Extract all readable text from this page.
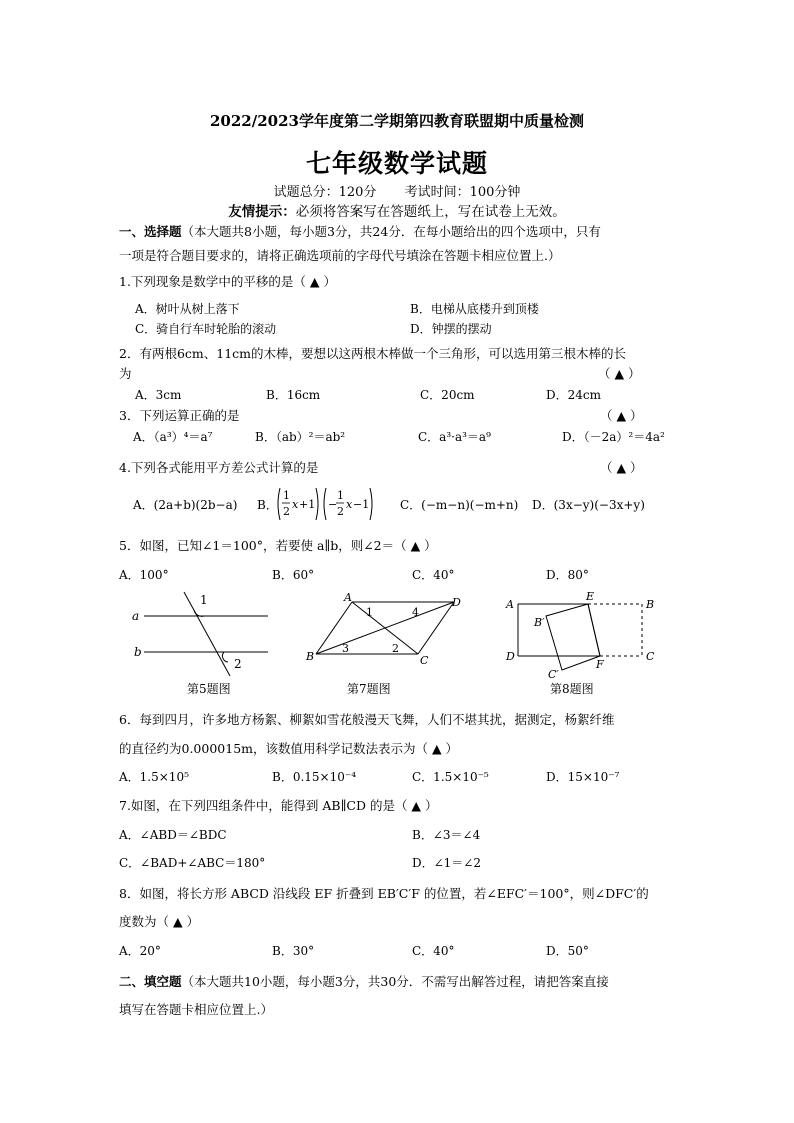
2022/2023学年度第二学期第四教育联盟期中质量检测
七年级数学试题
试题总分：120分 考试时间：100分钟
友情提示：必须将答案写在答题纸上，写在试卷上无效。
一、选择题（本大题共8小题，每小题3分，共24分．在每小题给出的四个选项中，只有
一项是符合题目要求的，请将正确选项前的字母代号填涂在答题卡相应位置上.）
1.下列现象是数学中的平移的是（ ▲ ）
A．树叶从树上落下	B．电梯从底楼升到顶楼
C．骑自行车时轮胎的滚动	D．钟摆的摆动
2．有两根6cm、11cm的木棒，要想以这两根木棒做一个三角形，可以选用第三根木棒的长
为	（ ▲ ）
A．3cm	B．16cm	C．20cm	D．24cm
3．下列运算正确的是	（ ▲ ）
A．（a³）⁴＝a⁷	B．（ab）²＝ab²	C．a³·a³＝a⁹	D．（－2a）²＝4a²
4.下列各式能用平方差公式计算的是	（ ▲ ）
A．(2a+b)(2b−a) B．
1
2
x +1 −
1
2
x −1	C．(−m−n)(−m+n) D．(3x−y)(−3x+y)
5．如图，已知∠1＝100°，若要使 a∥b，则∠2＝（ ▲ ）
A．100°	B．60°	C．40°	D．80°
a
b
1
2
第5题图
A	D
B	C
1	4
3	2
第7题图
A
E
B
D
B′
F
C
C′
第8题图
6．每到四月，许多地方杨絮、柳絮如雪花般漫天飞舞，人们不堪其扰，据测定，杨絮纤维
的直径约为0.000015m，该数值用科学记数法表示为（ ▲ ）
A．1.5×10⁵	B．0.15×10⁻⁴	C．1.5×10⁻⁵	D．15×10⁻⁷
7.如图，在下列四组条件中，能得到 AB∥CD 的是（ ▲ ）
A．∠ABD＝∠BDC	B．∠3＝∠4
C．∠BAD+∠ABC＝180°	D．∠1＝∠2
8．如图，将长方形 ABCD 沿线段 EF 折叠到 EB′C′F 的位置，若∠EFC′＝100°，则∠DFC′的
度数为（ ▲ ）
A．20°	B．30°	C．40°	D．50°
二、填空题（本大题共10小题，每小题3分，共30分．不需写出解答过程，请把答案直接
填写在答题卡相应位置上.）
